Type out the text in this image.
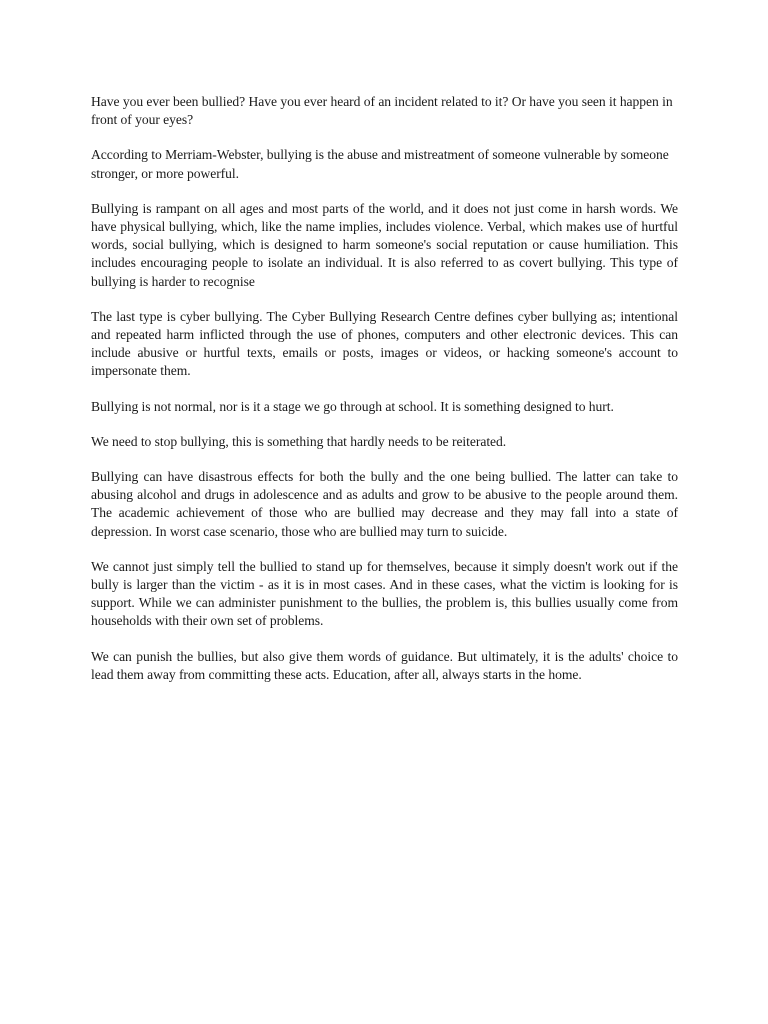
Have you ever been bullied? Have you ever heard of an incident related to it? Or have you seen it happen in front of your eyes?

According to Merriam-Webster, bullying is the abuse and mistreatment of someone vulnerable by someone stronger, or more powerful.

Bullying is rampant on all ages and most parts of the world, and it does not just come in harsh words. We have physical bullying, which, like the name implies, includes violence. Verbal, which makes use of hurtful words, social bullying, which is designed to harm someone's social reputation or cause humiliation. This includes encouraging people to isolate an individual. It is also referred to as covert bullying. This type of bullying is harder to recognise

The last type is cyber bullying. The Cyber Bullying Research Centre defines cyber bullying as; intentional and repeated harm inflicted through the use of phones, computers and other electronic devices. This can include abusive or hurtful texts, emails or posts, images or videos, or hacking someone's account to impersonate them.

Bullying is not normal, nor is it a stage we go through at school. It is something designed to hurt.

We need to stop bullying, this is something that hardly needs to be reiterated.

Bullying can have disastrous effects for both the bully and the one being bullied. The latter can take to abusing alcohol and drugs in adolescence and as adults and grow to be abusive to the people around them. The academic achievement of those who are bullied may decrease and they may fall into a state of depression. In worst case scenario, those who are bullied may turn to suicide.

We cannot just simply tell the bullied to stand up for themselves, because it simply doesn't work out if the bully is larger than the victim - as it is in most cases. And in these cases, what the victim is looking for is support. While we can administer punishment to the bullies, the problem is, this bullies usually come from households with their own set of problems.

We can punish the bullies, but also give them words of guidance. But ultimately, it is the adults' choice to lead them away from committing these acts. Education, after all, always starts in the home.
